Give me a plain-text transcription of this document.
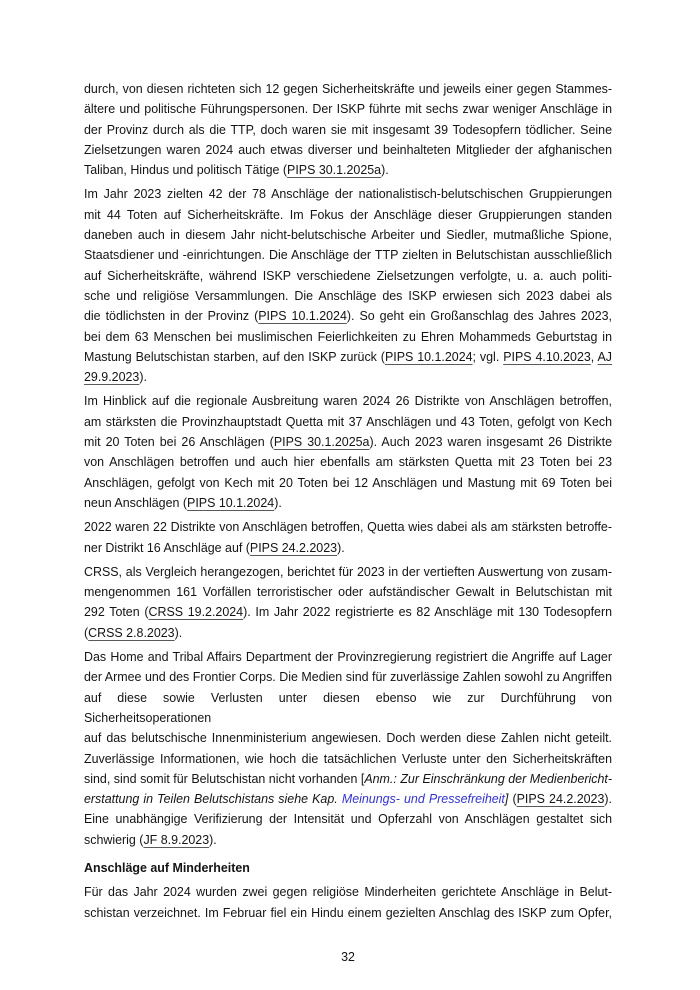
durch, von diesen richteten sich 12 gegen Sicherheitskräfte und jeweils einer gegen Stammes-
ältere und politische Führungspersonen. Der ISKP führte mit sechs zwar weniger Anschläge in
der Provinz durch als die TTP, doch waren sie mit insgesamt 39 Todesopfern tödlicher. Seine
Zielsetzungen waren 2024 auch etwas diverser und beinhalteten Mitglieder der afghanischen
Taliban, Hindus und politisch Tätige (PIPS 30.1.2025a).
Im Jahr 2023 zielten 42 der 78 Anschläge der nationalistisch-belutschischen Gruppierungen
mit 44 Toten auf Sicherheitskräfte. Im Fokus der Anschläge dieser Gruppierungen standen
daneben auch in diesem Jahr nicht-belutschische Arbeiter und Siedler, mutmaßliche Spione,
Staatsdiener und -einrichtungen. Die Anschläge der TTP zielten in Belutschistan ausschließlich
auf Sicherheitskräfte, während ISKP verschiedene Zielsetzungen verfolgte, u. a. auch politi-
sche und religiöse Versammlungen. Die Anschläge des ISKP erwiesen sich 2023 dabei als
die tödlichsten in der Provinz (PIPS 10.1.2024). So geht ein Großanschlag des Jahres 2023,
bei dem 63 Menschen bei muslimischen Feierlichkeiten zu Ehren Mohammeds Geburtstag in
Mastung Belutschistan starben, auf den ISKP zurück (PIPS 10.1.2024; vgl. PIPS 4.10.2023, AJ
29.9.2023).
Im Hinblick auf die regionale Ausbreitung waren 2024 26 Distrikte von Anschlägen betroffen,
am stärksten die Provinzhauptstadt Quetta mit 37 Anschlägen und 43 Toten, gefolgt von Kech
mit 20 Toten bei 26 Anschlägen (PIPS 30.1.2025a). Auch 2023 waren insgesamt 26 Distrikte
von Anschlägen betroffen und auch hier ebenfalls am stärksten Quetta mit 23 Toten bei 23
Anschlägen, gefolgt von Kech mit 20 Toten bei 12 Anschlägen und Mastung mit 69 Toten bei
neun Anschlägen (PIPS 10.1.2024).
2022 waren 22 Distrikte von Anschlägen betroffen, Quetta wies dabei als am stärksten betroffe-
ner Distrikt 16 Anschläge auf (PIPS 24.2.2023).
CRSS, als Vergleich herangezogen, berichtet für 2023 in der vertieften Auswertung von zusam-
mengenommen 161 Vorfällen terroristischer oder aufständischer Gewalt in Belutschistan mit
292 Toten (CRSS 19.2.2024). Im Jahr 2022 registrierte es 82 Anschläge mit 130 Todesopfern
(CRSS 2.8.2023).
Das Home and Tribal Affairs Department der Provinzregierung registriert die Angriffe auf Lager
der Armee und des Frontier Corps. Die Medien sind für zuverlässige Zahlen sowohl zu Angriffen
auf diese sowie Verlusten unter diesen ebenso wie zur Durchführung von Sicherheitsoperationen
auf das belutschische Innenministerium angewiesen. Doch werden diese Zahlen nicht geteilt.
Zuverlässige Informationen, wie hoch die tatsächlichen Verluste unter den Sicherheitskräften
sind, sind somit für Belutschistan nicht vorhanden [Anm.: Zur Einschränkung der Medienbericht-
erstattung in Teilen Belutschistans siehe Kap. Meinungs- und Pressefreiheit] (PIPS 24.2.2023).
Eine unabhängige Verifizierung der Intensität und Opferzahl von Anschlägen gestaltet sich
schwierig (JF 8.9.2023).
Anschläge auf Minderheiten
Für das Jahr 2024 wurden zwei gegen religiöse Minderheiten gerichtete Anschläge in Belut-
schistan verzeichnet. Im Februar fiel ein Hindu einem gezielten Anschlag des ISKP zum Opfer,
32
